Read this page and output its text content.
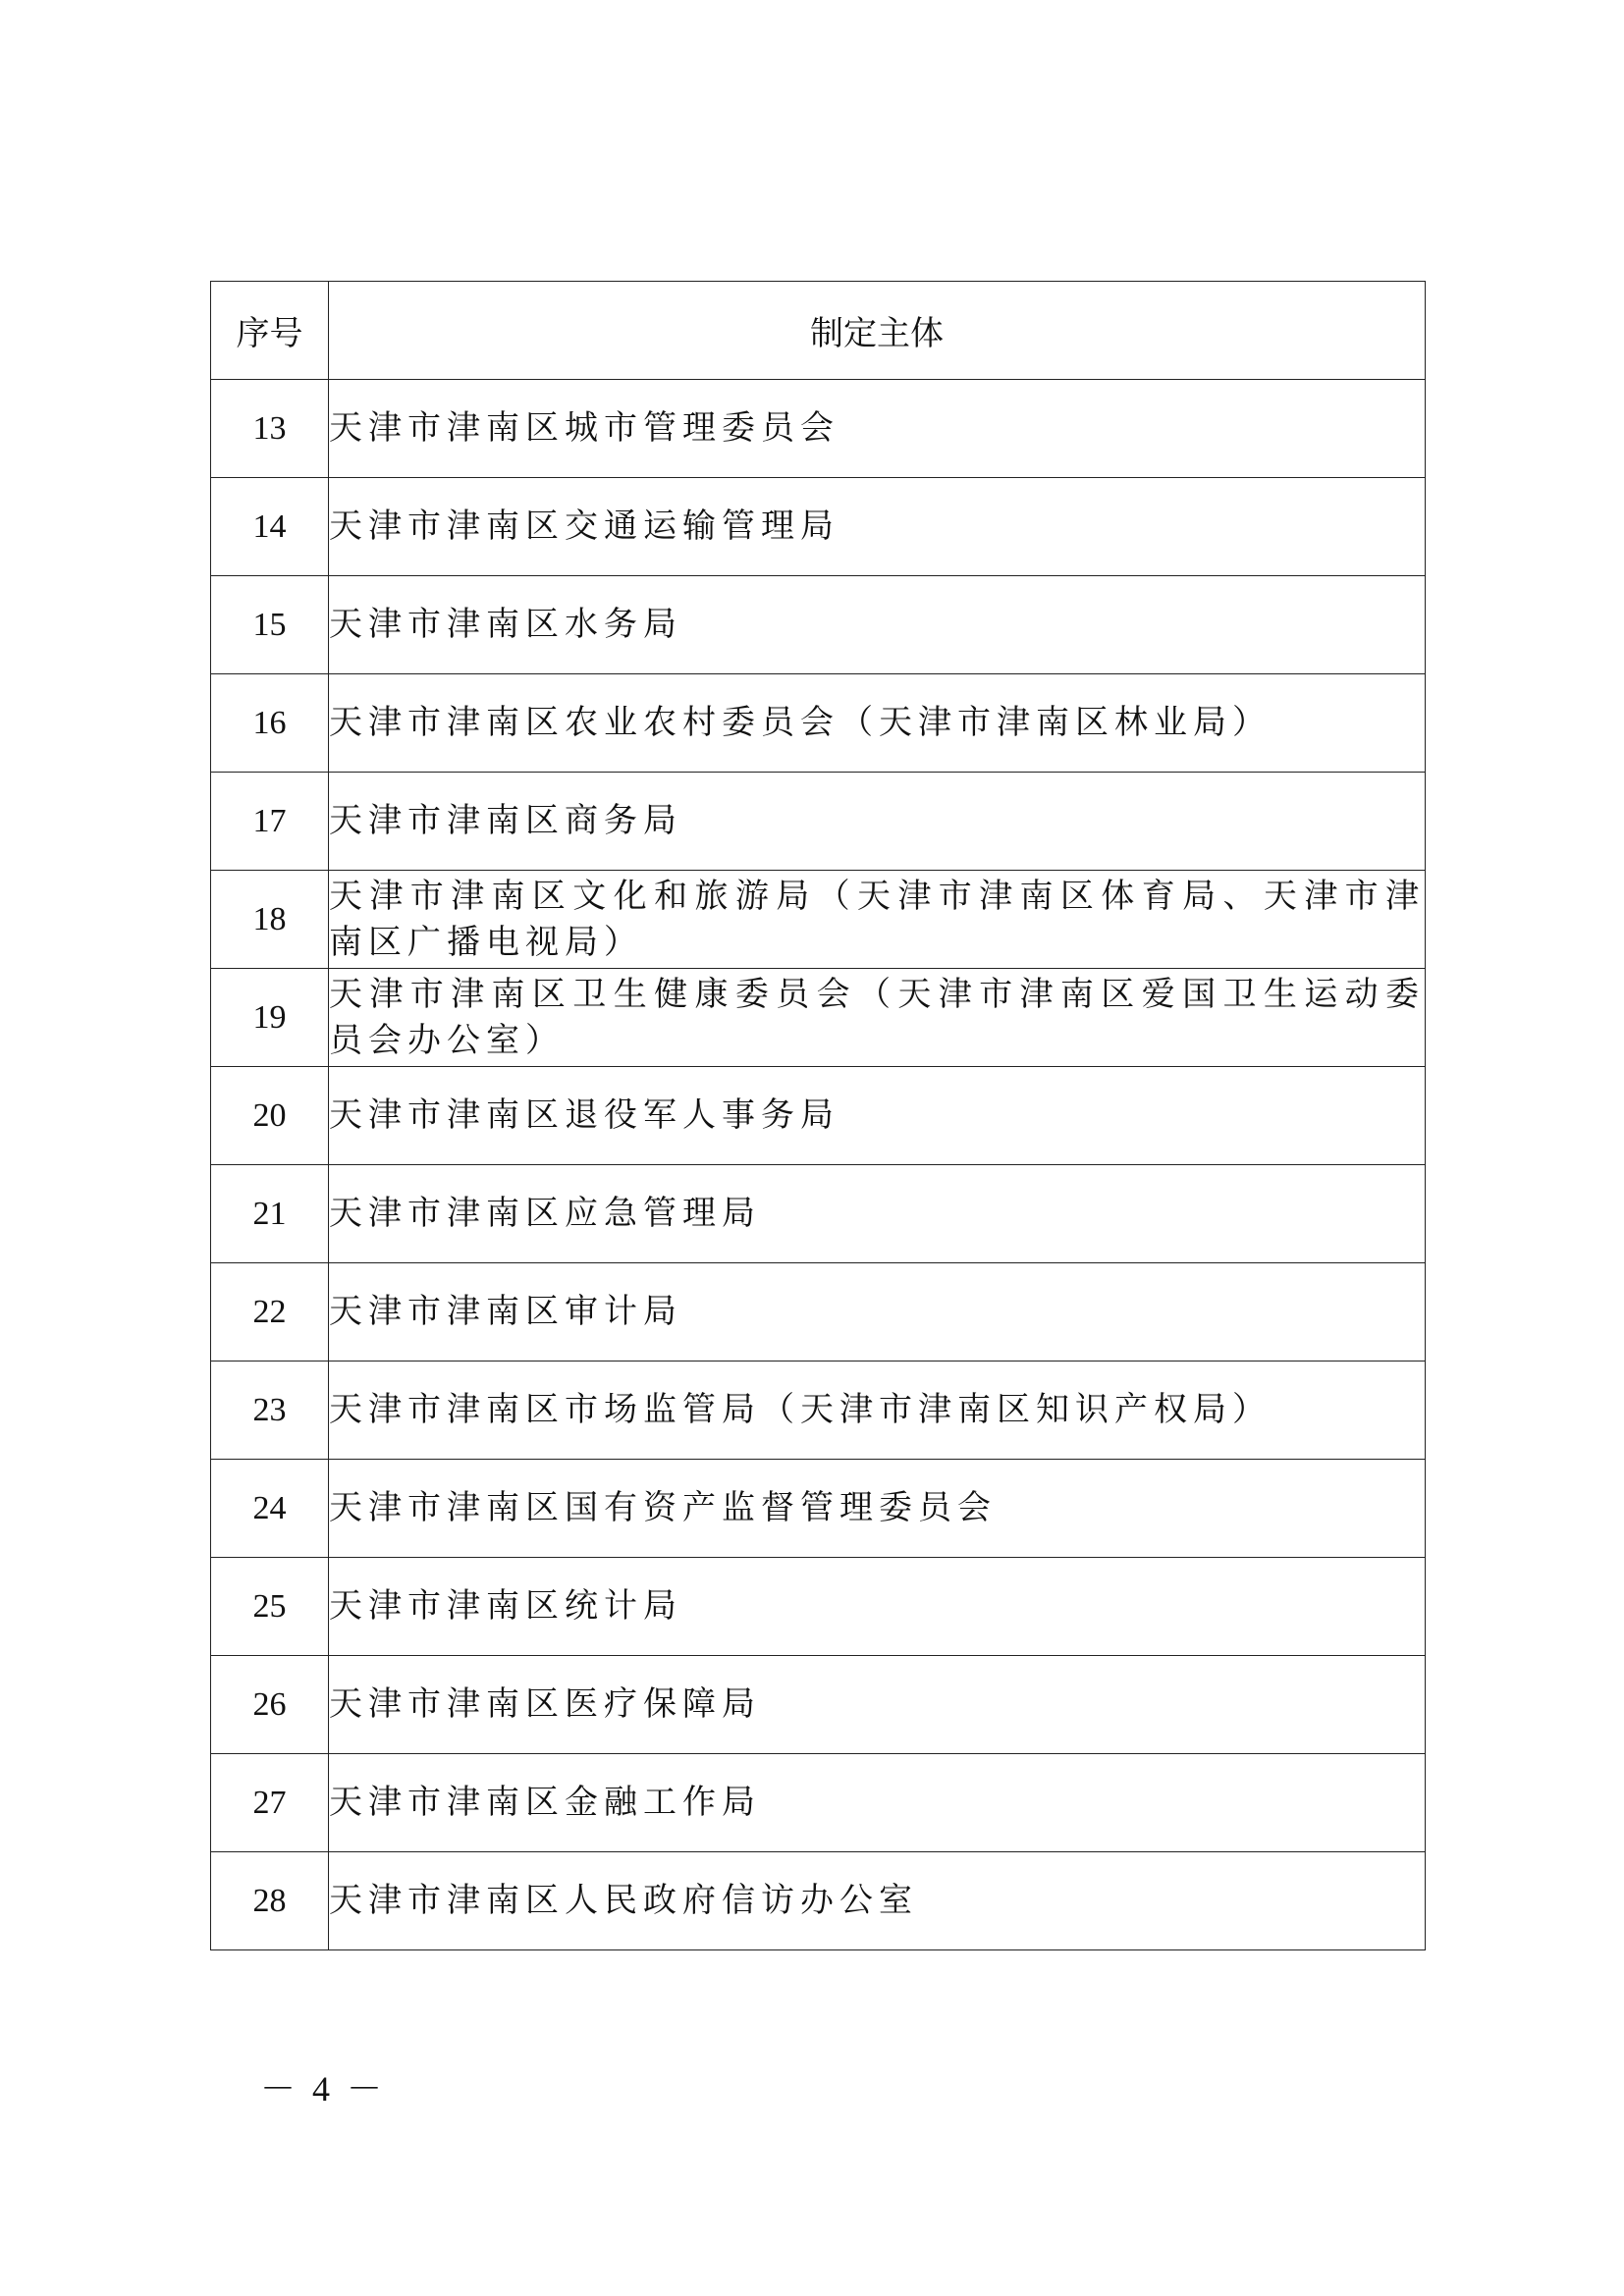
序号	制定主体
13	天津市津南区城市管理委员会
14	天津市津南区交通运输管理局
15	天津市津南区水务局
16	天津市津南区农业农村委员会（天津市津南区林业局）
17	天津市津南区商务局
18	天津市津南区文化和旅游局（天津市津南区体育局、天津市津南区广播电视局）
19	天津市津南区卫生健康委员会（天津市津南区爱国卫生运动委员会办公室）
20	天津市津南区退役军人事务局
21	天津市津南区应急管理局
22	天津市津南区审计局
23	天津市津南区市场监管局（天津市津南区知识产权局）
24	天津市津南区国有资产监督管理委员会
25	天津市津南区统计局
26	天津市津南区医疗保障局
27	天津市津南区金融工作局
28	天津市津南区人民政府信访办公室
－ 4 －
